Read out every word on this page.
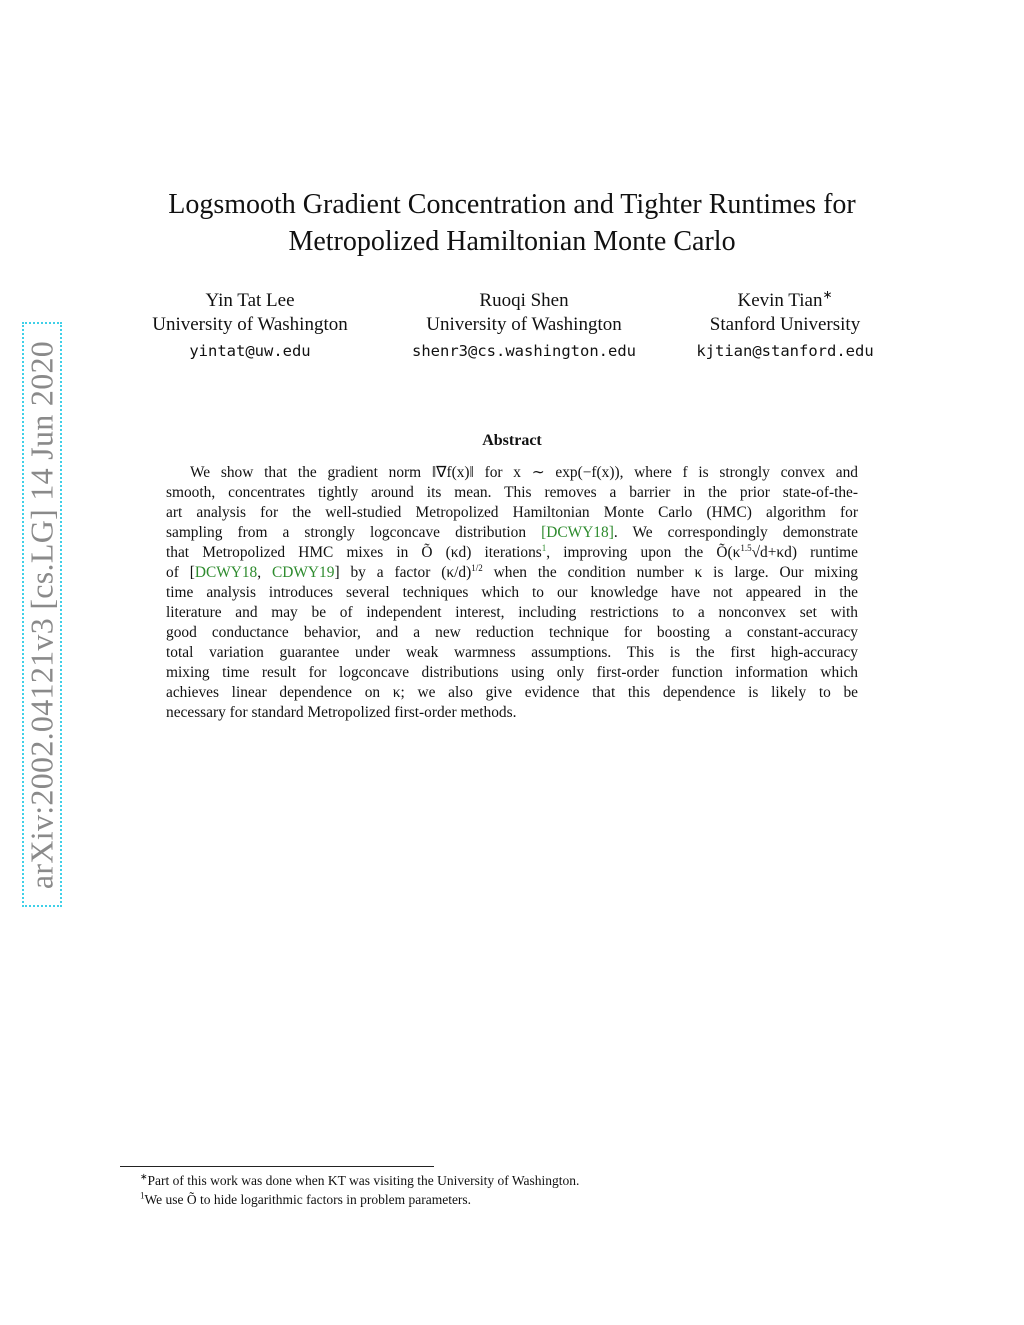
arXiv:2002.04121v3 [cs.LG] 14 Jun 2020
Logsmooth Gradient Concentration and Tighter Runtimes for
Metropolized Hamiltonian Monte Carlo
Yin Tat Lee
University of Washington
yintat@uw.edu
Ruoqi Shen
University of Washington
shenr3@cs.washington.edu
Kevin Tian∗
Stanford University
kjtian@stanford.edu
Abstract
We show that the gradient norm ‖∇f(x)‖ for x ∼ exp(−f(x)), where f is strongly convex and
smooth, concentrates tightly around its mean. This removes a barrier in the prior state-of-the-
art analysis for the well-studied Metropolized Hamiltonian Monte Carlo (HMC) algorithm for
sampling from a strongly logconcave distribution [DCWY18]. We correspondingly demonstrate
that Metropolized HMC mixes in Õ (κd) iterations$^1$, improving upon the Õ(κ$^{1.5}$√d+κd) runtime
of [DCWY18, CDWY19] by a factor (κ/d)$^{1/2}$ when the condition number κ is large. Our mixing
time analysis introduces several techniques which to our knowledge have not appeared in the
literature and may be of independent interest, including restrictions to a nonconvex set with
good conductance behavior, and a new reduction technique for boosting a constant-accuracy
total variation guarantee under weak warmness assumptions. This is the first high-accuracy
mixing time result for logconcave distributions using only first-order function information which
achieves linear dependence on κ; we also give evidence that this dependence is likely to be
necessary for standard Metropolized first-order methods.
∗Part of this work was done when KT was visiting the University of Washington.
$^1$We use Õ to hide logarithmic factors in problem parameters.
